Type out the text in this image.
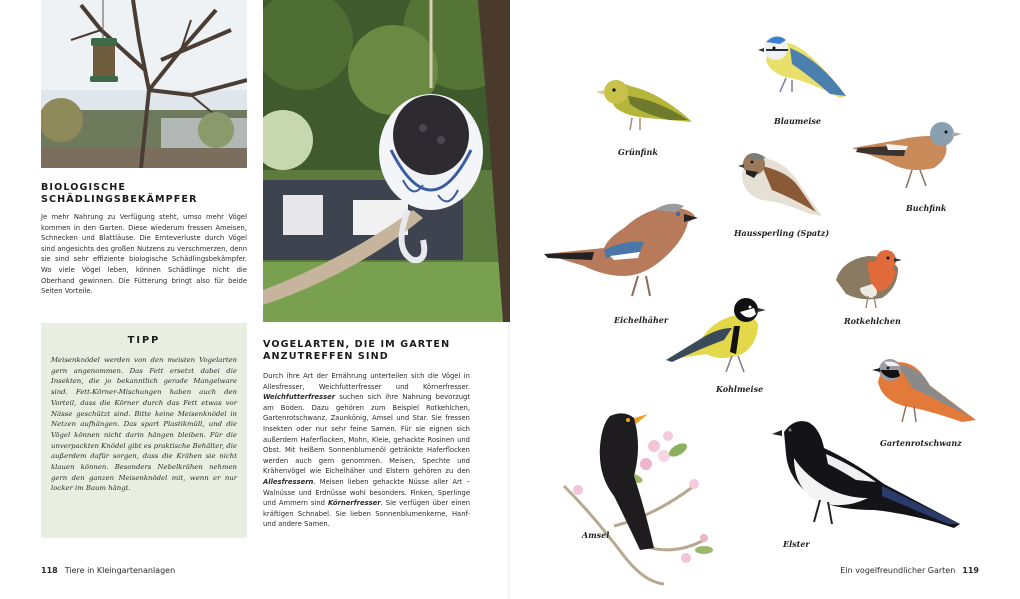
BIOLOGISCHE SCHÄDLINGSBEKÄMPFER

Je mehr Nahrung zu Verfügung steht, umso mehr Vögel kommen in den Garten. Diese wiederum fressen Ameisen, Schnecken und Blattläuse. Die Ernteverluste durch Vögel sind angesichts des großen Nutzens zu verschmerzen, denn sie sind sehr effiziente biologische Schädlingsbekämpfer. Wo viele Vögel leben, können Schädlinge nicht die Oberhand gewinnen. Die Fütterung bringt also für beide Seiten Vorteile.

TIPP

Meisenknödel werden von den meisten Vogelarten gern angenommen. Das Fett ersetzt dabei die Insekten, die jo bekanntlich gerade Mangelware sind. Fett-Körner-Mischungen haben auch den Vorteil, dass die Körner durch das Fett etwas vor Nässe geschützt sind. Bitte keine Meisenknödel in Netzen aufhängen. Das spart Plastikmüll, und die Vögel können nicht darin hängen bleiben. Für die unverpackten Knödel gibt es praktische Behälter, die außerdem dafür sorgen, dass die Krähen sie nicht klauen können. Besonders Nebelkrähen nehmen gern den ganzen Meisenknödel mit, wenn er nur locker im Baum hängt.

VOGELARTEN, DIE IM GARTEN ANZUTREFFEN SIND

Durch ihre Art der Ernährung unterteilen sich die Vögel in Allesfresser, Weichfutterfresser und Körnerfresser. Weichfutterfresser suchen sich ihre Nahrung bevorzugt am Boden. Dazu gehören zum Beispiel Rotkehlchen, Gartenrotschwanz, Zaunkönig, Amsel und Star. Sie fressen Insekten oder nur sehr feine Samen. Für sie eignen sich außerdem Haferflocken, Mohn, Kleie, gehackte Rosinen und Obst. Mit heißem Sonnenblumenöl getränkte Haferflocken werden auch gern genommen. Meisen, Spechte und Krähenvögel wie Eichelhäher und Elstern gehören zu den Allesfressern. Meisen lieben gehackte Nüsse aller Art – Walnüsse und Erdnüsse wohl besonders. Finken, Sperlinge und Ammern sind Körnerfresser. Sie verfügen über einen kräftigen Schnabel. Sie lieben Sonnenblumenkerne, Hanf- und andere Samen.

118 Tiere in Kleingartenanlagen
Grünfink
Blaumeise
Buchfink
Haussperling (Spatz)
Eichelhäher	Rotkehlchen
Kohlmeise
Gartenrotschwanz
Amsel
Elster
Ein vogelfreundlicher Garten 119
